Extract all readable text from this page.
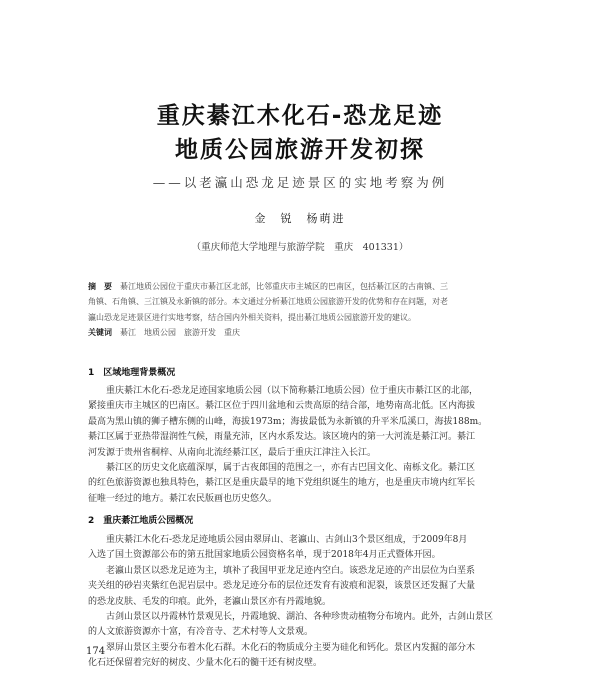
重庆綦江木化石-恐龙足迹
地质公园旅游开发初探
——以老瀛山恐龙足迹景区的实地考察为例
金　锐　杨萌进
（重庆师范大学地理与旅游学院　重庆　401331）
摘　要　 綦江地质公园位于重庆市綦江区北部，比邻重庆市主城区的巴南区，包括綦江区的古南镇、三
角镇、石角镇、三江镇及永新镇的部分。本文通过分析綦江地质公园旅游开发的优势和存在问题，对老
瀛山恐龙足迹景区进行实地考察，结合国内外相关资料，提出綦江地质公园旅游开发的建议。
关键词　 綦江　地质公园　旅游开发　重庆
1　区域地理背景概况
重庆綦江木化石-恐龙足迹国家地质公园（以下简称綦江地质公园）位于重庆市綦江区的北部，
紧接重庆市主城区的巴南区。綦江区位于四川盆地和云贵高原的结合部，地势南高北低。区内海拔
最高为黑山镇的狮子槽东侧的山峰，海拔1973m；海拔最低为永新镇的升平米瓜溪口，海拔188m。
綦江区属于亚热带湿润性气候，雨量充沛，区内水系发达。该区境内的第一大河流是綦江河。綦江
河发源于贵州省桐梓、从南向北流经綦江区，最后于重庆江津注入长江。
綦江区的历史文化底蕴深厚，属于古夜郎国的范围之一，亦有古巴国文化、南栎文化。綦江区
的红色旅游资源也独具特色，綦江区是重庆最早的地下党组织诞生的地方，也是重庆市境内红军长
征唯一经过的地方。綦江农民版画也历史悠久。
2　重庆綦江地质公园概况
重庆綦江木化石-恐龙足迹地质公园由翠屏山、老瀛山、古剑山3个景区组成，于2009年8月
入选了国土资源部公布的第五批国家地质公园资格名单，现于2018年4月正式暨体开园。
老瀛山景区以恐龙足迹为主，填补了我国甲亚龙足迹内空白。该恐龙足迹的产出层位为白垩系
夹关组的砂岩夹紫红色泥岩层中。恐龙足迹分布的层位还发育有波痕和泥裂，该景区还发掘了大量
的恐龙皮肤、毛发的印痕。此外，老瀛山景区亦有丹霞地貌。
古剑山景区以丹霞林竹景观见长，丹霞地貌、湖泊、各种珍贵动植物分布境内。此外，古剑山景区
的人文旅游资源亦十富，有冷音寺、艺术村等人文景观。
翠屏山景区主要分布着木化石群。木化石的物质成分主要为硅化和钙化。景区内发掘的部分木
化石还保留着完好的树皮、少量木化石的髓干还有树皮壁。
174
